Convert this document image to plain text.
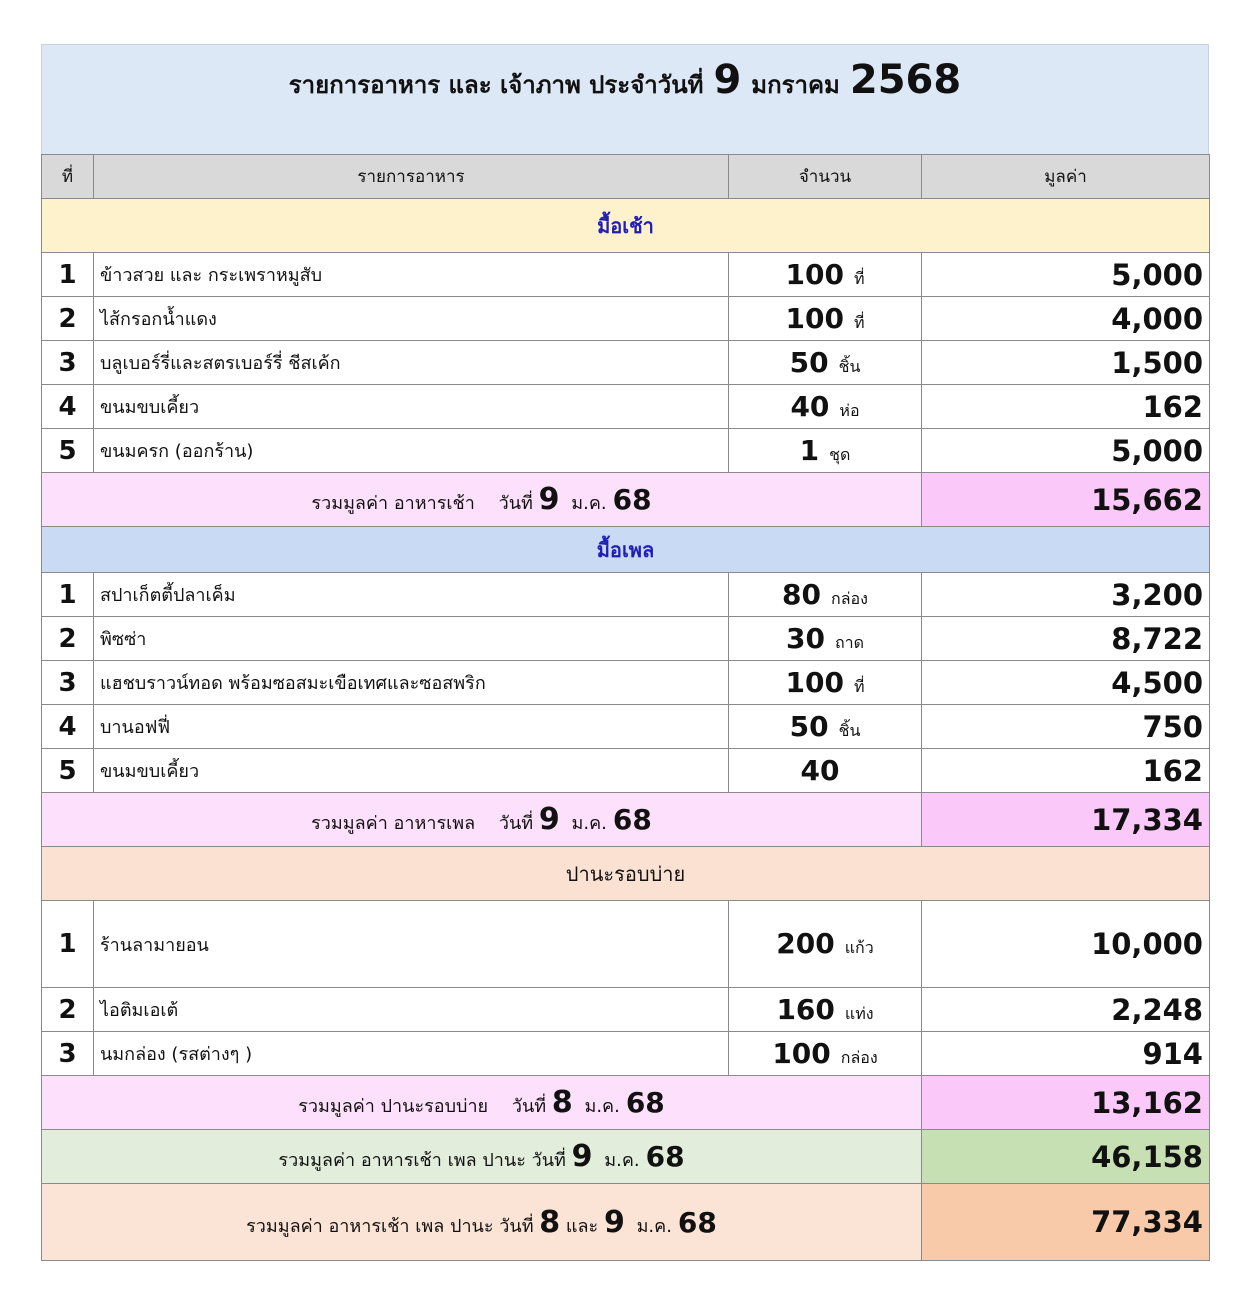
รายการอาหาร และ เจ้าภาพ ประจำวันที่ 9 มกราคม 2568
ที่	รายการอาหาร	จำนวน	มูลค่า
มื้อเช้า			
1	ข้าวสวย และ กระเพราหมูสับ	100 ที่	5,000
2	ไส้กรอกน้ำแดง	100 ที่	4,000
3	บลูเบอร์รี่และสตรเบอร์รี่ ชีสเค้ก	50 ชิ้น	1,500
4	ขนมขบเคี้ยว	40 ห่อ	162
5	ขนมครก (ออกร้าน)	1 ชุด	5,000
รวมมูลค่า อาหารเช้า วันที่ 9 ม.ค. 68			15,662
มื้อเพล			
1	สปาเก็ตตี้ปลาเค็ม	80 กล่อง	3,200
2	พิซซ่า	30 ถาด	8,722
3	แฮชบราวน์ทอด พร้อมซอสมะเขือเทศและซอสพริก	100 ที่	4,500
4	บานอฟฟี่	50 ชิ้น	750
5	ขนมขบเคี้ยว	40	162
รวมมูลค่า อาหารเพล วันที่ 9 ม.ค. 68			17,334
ปานะรอบบ่าย			
1	ร้านลามายอน	200 แก้ว	10,000
2	ไอติมเอเต้	160 แท่ง	2,248
3	นมกล่อง (รสต่างๆ )	100 กล่อง	914
รวมมูลค่า ปานะรอบบ่าย วันที่ 8 ม.ค. 68			13,162
รวมมูลค่า อาหารเช้า เพล ปานะ วันที่ 9 ม.ค. 68			46,158
รวมมูลค่า อาหารเช้า เพล ปานะ วันที่ 8 และ 9 ม.ค. 68			77,334
